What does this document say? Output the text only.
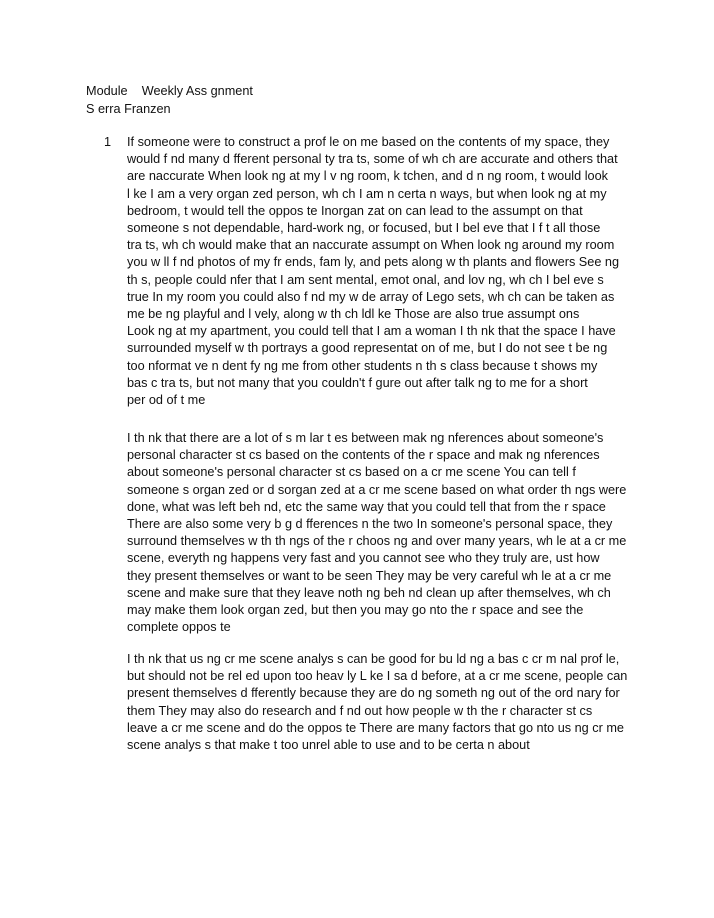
Module    Weekly Ass gnment
S erra Franzen
1 If someone were to construct a prof le on me based on the contents of my space, they
would f nd many d fferent personal ty tra ts, some of wh ch are accurate and others that
are naccurate When look ng at my l v ng room, k tchen, and d n ng room, t would look
l ke I am a very organ zed person, wh ch I am n certa n ways, but when look ng at my
bedroom, t would tell the oppos te Inorgan zat on can lead to the assumpt on that
someone s not dependable, hard-work ng, or focused, but I bel eve that I f t all those
tra ts, wh ch would make that an naccurate assumpt on When look ng around my room
you w ll f nd photos of my fr ends, fam ly, and pets along w th plants and flowers See ng
th s, people could nfer that I am sent mental, emot onal, and lov ng, wh ch I bel eve s
true In my room you could also f nd my w de array of Lego sets, wh ch can be taken as
me be ng playful and l vely, along w th ch ldl ke Those are also true assumpt ons
Look ng at my apartment, you could tell that I am a woman I th nk that the space I have
surrounded myself w th portrays a good representat on of me, but I do not see t be ng
too nformat ve n dent fy ng me from other students n th s class because t shows my
bas c tra ts, but not many that you couldn't f gure out after talk ng to me for a short
per od of t me

I th nk that there are a lot of s m lar t es between mak ng nferences about someone's
personal character st cs based on the contents of the r space and mak ng nferences
about someone's personal character st cs based on a cr me scene You can tell f
someone s organ zed or d sorgan zed at a cr me scene based on what order th ngs were
done, what was left beh nd, etc the same way that you could tell that from the r space
There are also some very b g d fferences n the two In someone's personal space, they
surround themselves w th th ngs of the r choos ng and over many years, wh le at a cr me
scene, everyth ng happens very fast and you cannot see who they truly are, ust how
they present themselves or want to be seen They may be very careful wh le at a cr me
scene and make sure that they leave noth ng beh nd clean up after themselves, wh ch
may make them look organ zed, but then you may go nto the r space and see the
complete oppos te

I th nk that us ng cr me scene analys s can be good for bu ld ng a bas c cr m nal prof le,
but should not be rel ed upon too heav ly L ke I sa d before, at a cr me scene, people can
present themselves d fferently because they are do ng someth ng out of the ord nary for
them They may also do research and f nd out how people w th the r character st cs
leave a cr me scene and do the oppos te There are many factors that go nto us ng cr me
scene analys s that make t too unrel able to use and to be certa n about
